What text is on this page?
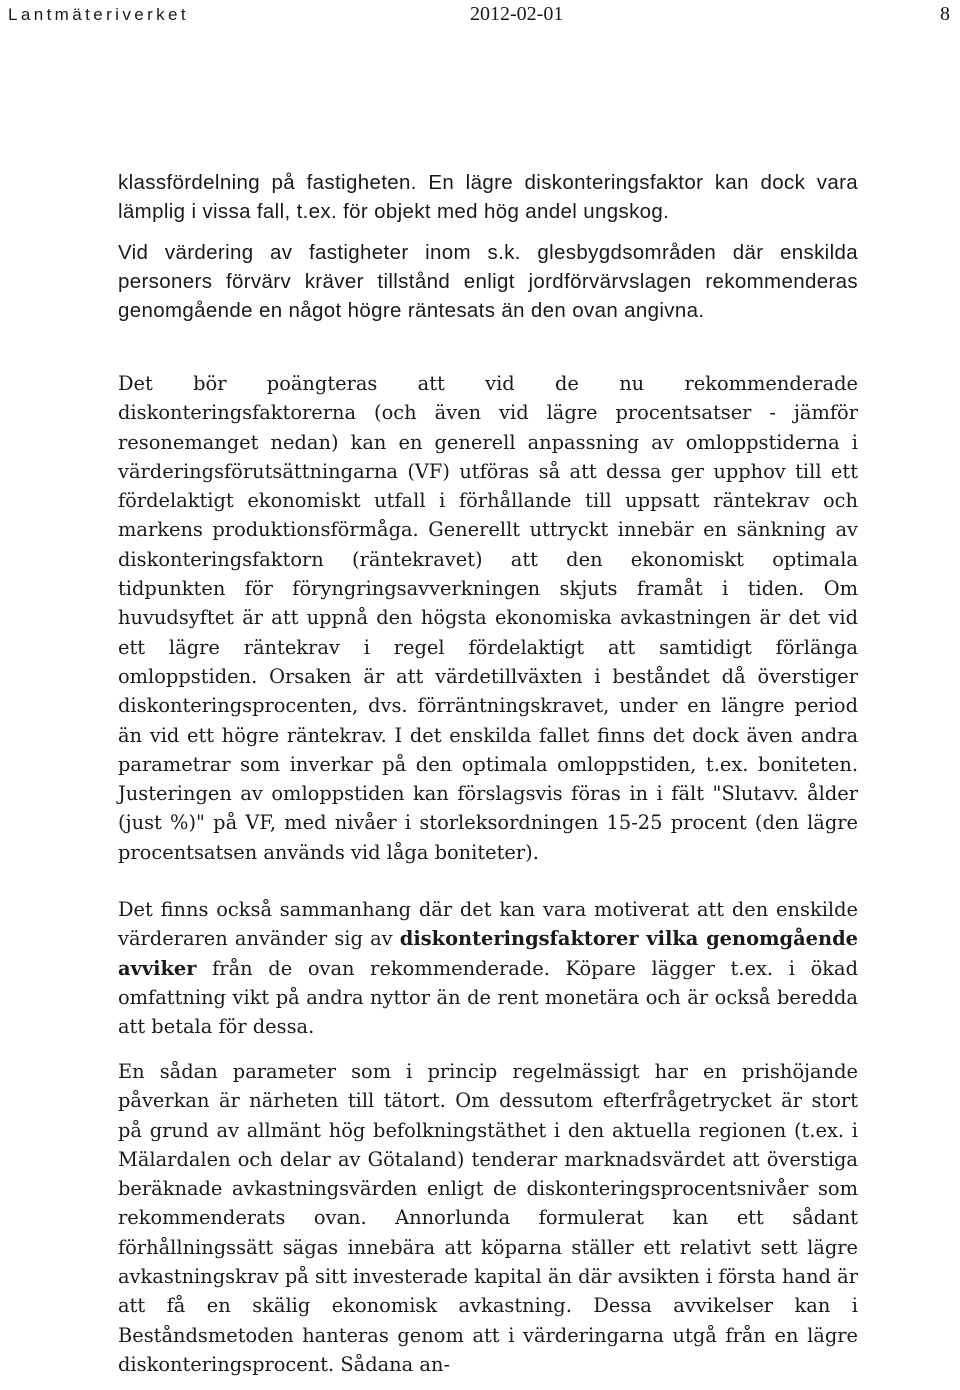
Lantmäteriverket	2012-02-01	8

klassfördelning på fastigheten. En lägre diskonteringsfaktor kan dock vara lämplig i vissa fall, t.ex. för objekt med hög andel ungskog.

Vid värdering av fastigheter inom s.k. glesbygdsområden där enskilda personers förvärv kräver tillstånd enligt jordförvärvslagen rekommenderas genomgående en något högre räntesats än den ovan angivna.

Det bör poängteras att vid de nu rekommenderade diskonteringsfaktorerna (och även vid lägre procentsatser - jämför resonemanget nedan) kan en generell anpassning av omloppstiderna i värderingsförutsättningarna (VF) utföras så att dessa ger upphov till ett fördelaktigt ekonomiskt utfall i förhållande till uppsatt räntekrav och markens produktionsförmåga. Generellt uttryckt innebär en sänkning av diskonteringsfaktorn (räntekravet) att den ekonomiskt optimala tidpunkten för föryngringsavverkningen skjuts framåt i tiden. Om huvudsyftet är att uppnå den högsta ekonomiska avkastningen är det vid ett lägre räntekrav i regel fördelaktigt att samtidigt förlänga omloppstiden. Orsaken är att värdetillväxten i beståndet då överstiger diskonteringsprocenten, dvs. förräntningskravet, under en längre period än vid ett högre räntekrav. I det enskilda fallet finns det dock även andra parametrar som inverkar på den optimala omloppstiden, t.ex. boniteten. Justeringen av omloppstiden kan förslagsvis föras in i fält "Slutavv. ålder (just %)" på VF, med nivåer i storleksordningen 15-25 procent (den lägre procentsatsen används vid låga boniteter).

Det finns också sammanhang där det kan vara motiverat att den enskilde värderaren använder sig av diskonteringsfaktorer vilka genomgående avviker från de ovan rekommenderade. Köpare lägger t.ex. i ökad omfattning vikt på andra nyttor än de rent monetära och är också beredda att betala för dessa.

En sådan parameter som i princip regelmässigt har en prishöjande påverkan är närheten till tätort. Om dessutom efterfrågetrycket är stort på grund av allmänt hög befolkningstäthet i den aktuella regionen (t.ex. i Mälardalen och delar av Götaland) tenderar marknadsvärdet att överstiga beräknade avkastningsvärden enligt de diskonteringsprocentsnivåer som rekommenderats ovan. Annorlunda formulerat kan ett sådant förhållningssätt sägas innebära att köparna ställer ett relativt sett lägre avkastningskrav på sitt investerade kapital än där avsikten i första hand är att få en skälig ekonomisk avkastning. Dessa avvikelser kan i Beståndsmetoden hanteras genom att i värderingarna utgå från en lägre diskonteringsprocent. Sådana an-
